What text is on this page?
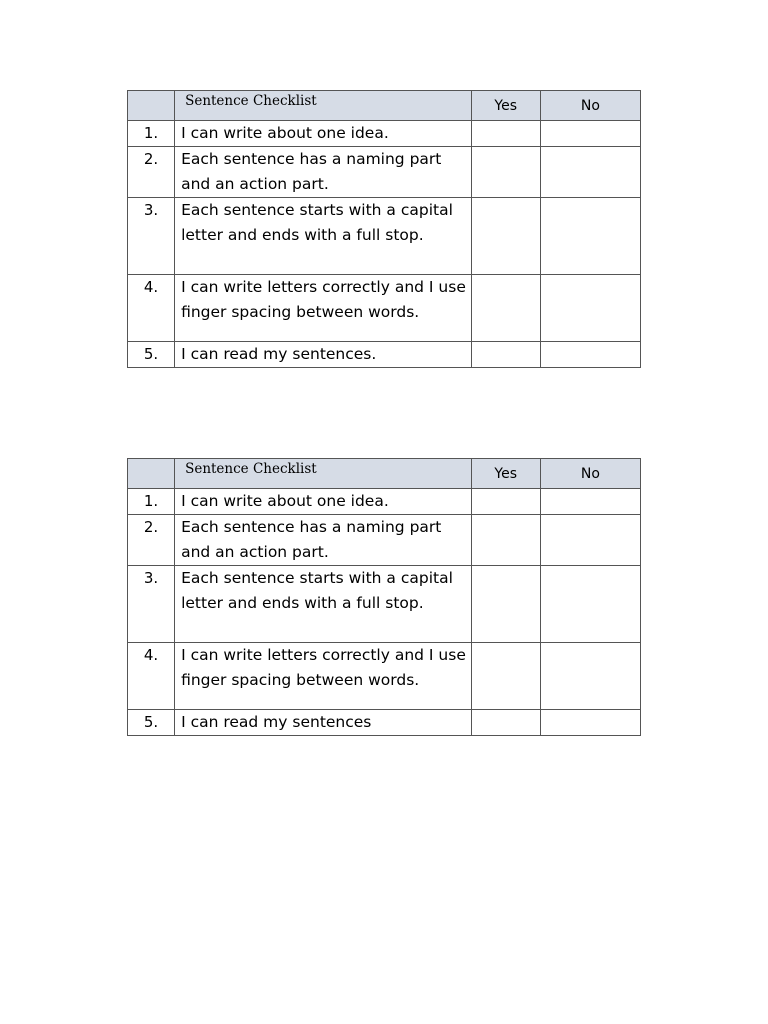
	Sentence Checklist	Yes	No
1.	I can write about one idea.		
2.	Each sentence has a naming part and an action part.		
3.	Each sentence starts with a capital letter and ends with a full stop.		
4.	I can write letters correctly and I use finger spacing between words.		
5.	I can read my sentences.		
	Sentence Checklist	Yes	No
1.	I can write about one idea.		
2.	Each sentence has a naming part and an action part.		
3.	Each sentence starts with a capital letter and ends with a full stop.		
4.	I can write letters correctly and I use finger spacing between words.		
5.	I can read my sentences		
